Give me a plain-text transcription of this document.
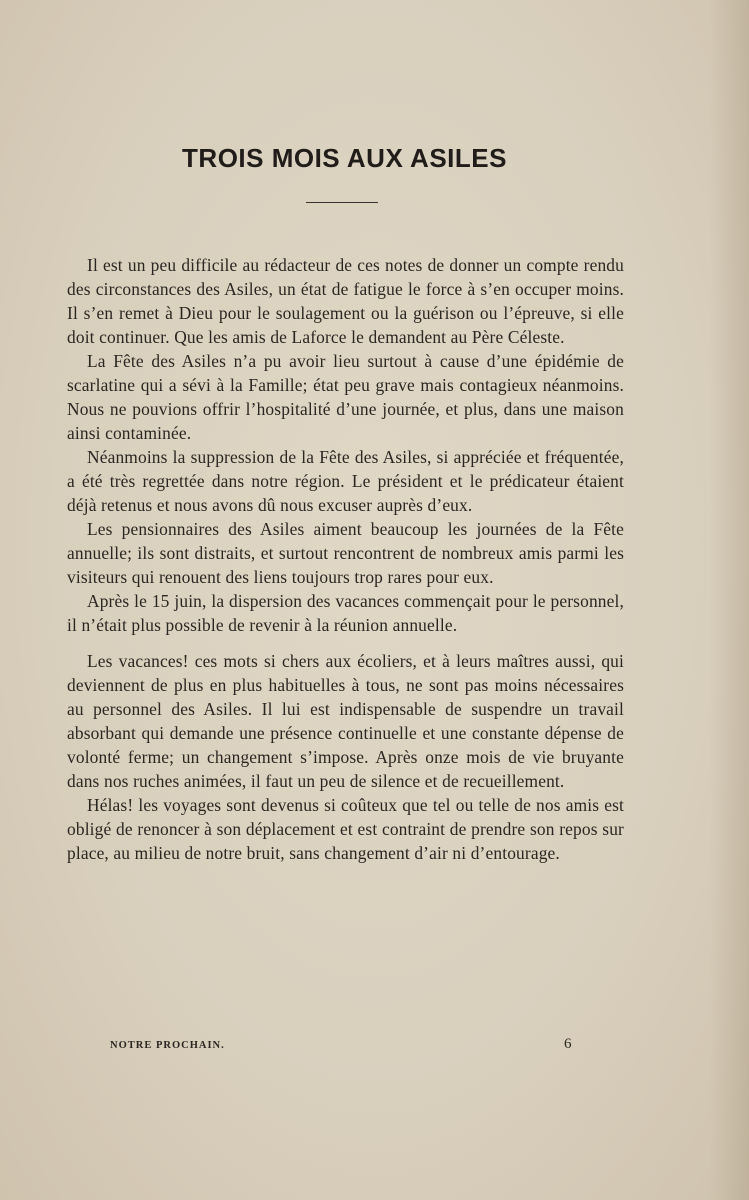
TROIS MOIS AUX ASILES

Il est un peu difficile au rédacteur de ces notes de donner un compte rendu des circonstances des Asiles, un état de fatigue le force à s’en occuper moins. Il s’en remet à Dieu pour le soulagement ou la guérison ou l’épreuve, si elle doit continuer. Que les amis de Laforce le demandent au Père Céleste.

La Fête des Asiles n’a pu avoir lieu surtout à cause d’une épidémie de scarlatine qui a sévi à la Famille; état peu grave mais contagieux néanmoins. Nous ne pouvions offrir l’hospitalité d’une journée, et plus, dans une maison ainsi contaminée.

Néanmoins la suppression de la Fête des Asiles, si appréciée et fréquentée, a été très regrettée dans notre région. Le président et le prédicateur étaient déjà retenus et nous avons dû nous excuser auprès d’eux.

Les pensionnaires des Asiles aiment beaucoup les journées de la Fête annuelle; ils sont distraits, et surtout rencontrent de nombreux amis parmi les visiteurs qui renouent des liens toujours trop rares pour eux.

Après le 15 juin, la dispersion des vacances commençait pour le personnel, il n’était plus possible de revenir à la réunion annuelle.

Les vacances! ces mots si chers aux écoliers, et à leurs maîtres aussi, qui deviennent de plus en plus habituelles à tous, ne sont pas moins nécessaires au personnel des Asiles. Il lui est indispensable de suspendre un travail absorbant qui demande une présence continuelle et une constante dépense de volonté ferme; un changement s’impose. Après onze mois de vie bruyante dans nos ruches animées, il faut un peu de silence et de recueillement.

Hélas! les voyages sont devenus si coûteux que tel ou telle de nos amis est obligé de renoncer à son déplacement et est contraint de prendre son repos sur place, au milieu de notre bruit, sans changement d’air ni d’entourage.

NOTRE PROCHAIN.	6
